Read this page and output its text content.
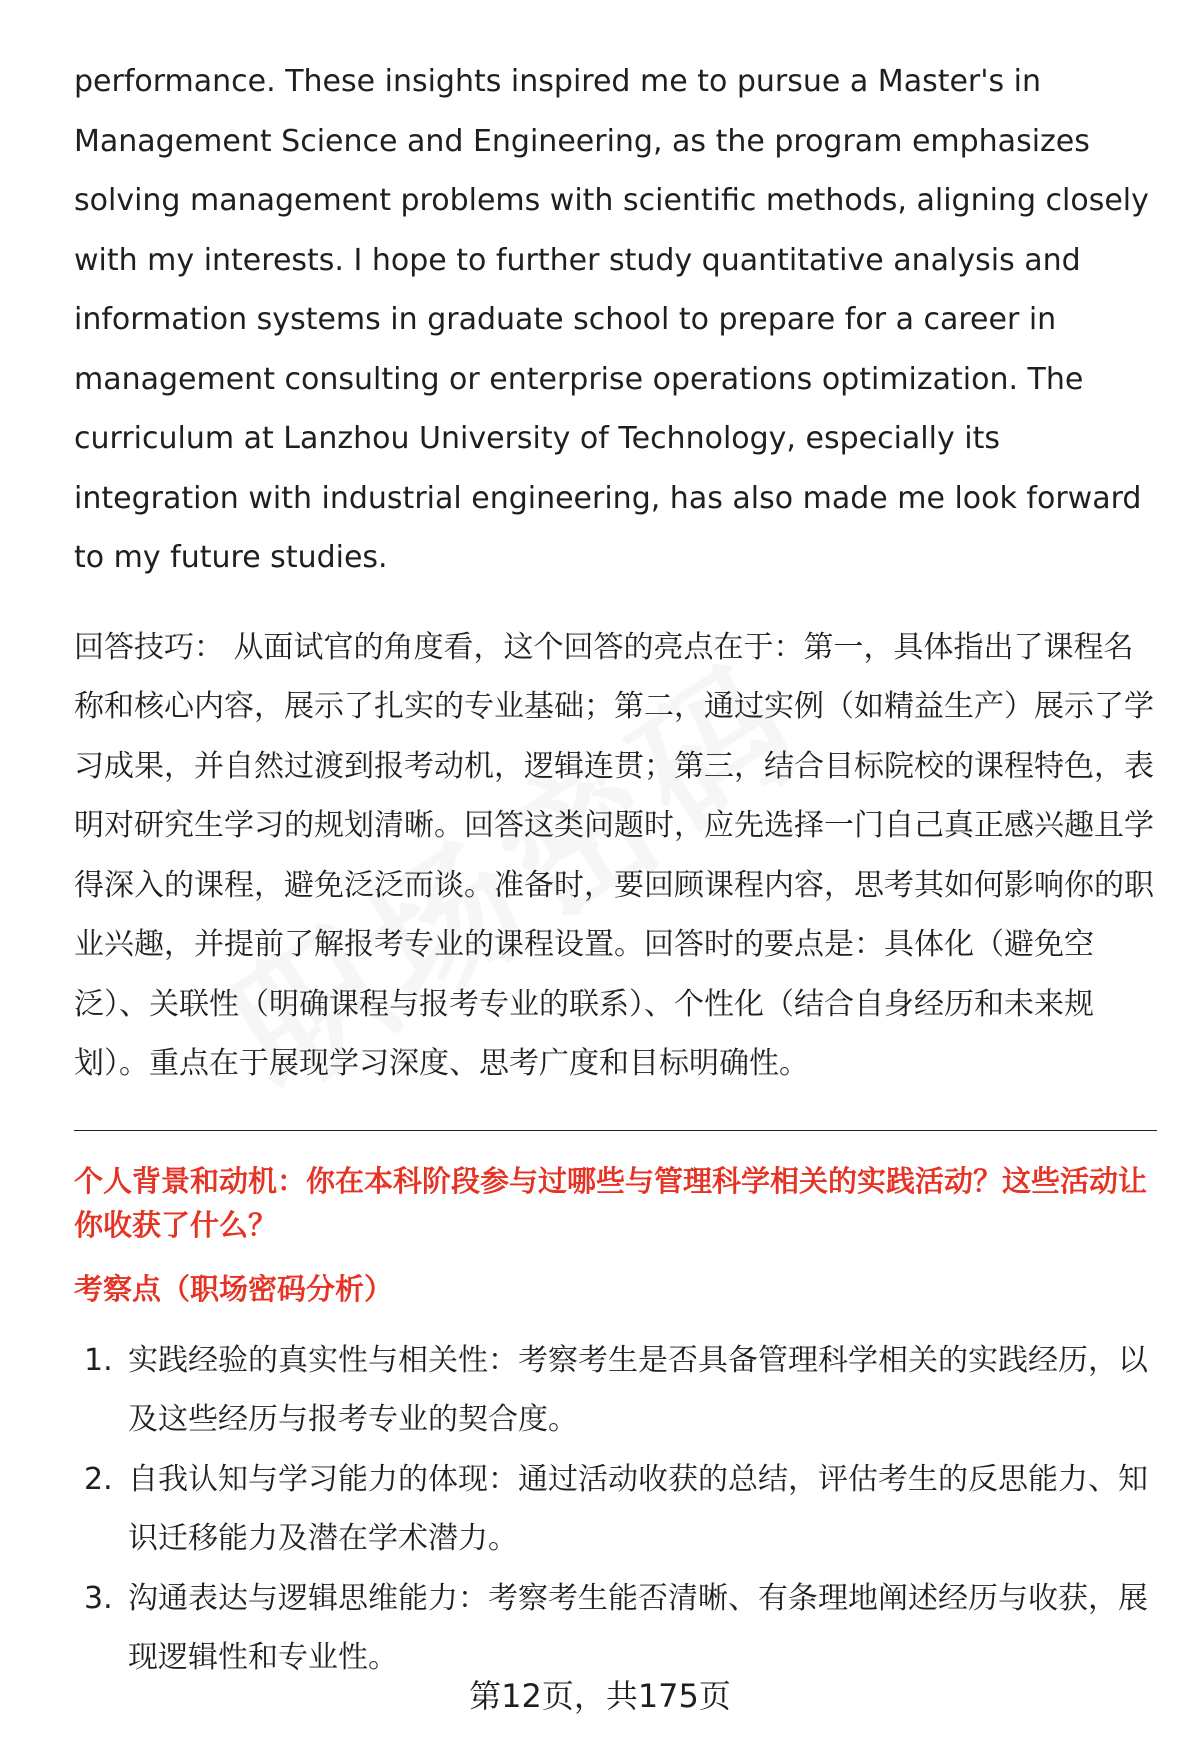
performance. These insights inspired me to pursue a Master's in Management Science and Engineering, as the program emphasizes solving management problems with scientific methods, aligning closely with my interests. I hope to further study quantitative analysis and information systems in graduate school to prepare for a career in management consulting or enterprise operations optimization. The curriculum at Lanzhou University of Technology, especially its integration with industrial engineering, has also made me look forward to my future studies.

回答技巧： 从面试官的角度看，这个回答的亮点在于：第一，具体指出了课程名称和核心内容，展示了扎实的专业基础；第二，通过实例（如精益生产）展示了学习成果，并自然过渡到报考动机，逻辑连贯；第三，结合目标院校的课程特色，表明对研究生学习的规划清晰。回答这类问题时，应先选择一门自己真正感兴趣且学得深入的课程，避免泛泛而谈。准备时，要回顾课程内容，思考其如何影响你的职业兴趣，并提前了解报考专业的课程设置。回答时的要点是：具体化（避免空泛）、关联性（明确课程与报考专业的联系）、个性化（结合自身经历和未来规划）。重点在于展现学习深度、思考广度和目标明确性。

个人背景和动机：你在本科阶段参与过哪些与管理科学相关的实践活动？这些活动让你收获了什么？
考察点（职场密码分析）
1. 实践经验的真实性与相关性：考察考生是否具备管理科学相关的实践经历，以及这些经历与报考专业的契合度。
2. 自我认知与学习能力的体现：通过活动收获的总结，评估考生的反思能力、知识迁移能力及潜在学术潜力。
3. 沟通表达与逻辑思维能力：考察考生能否清晰、有条理地阐述经历与收获，展现逻辑性和专业性。
第12页，共175页
